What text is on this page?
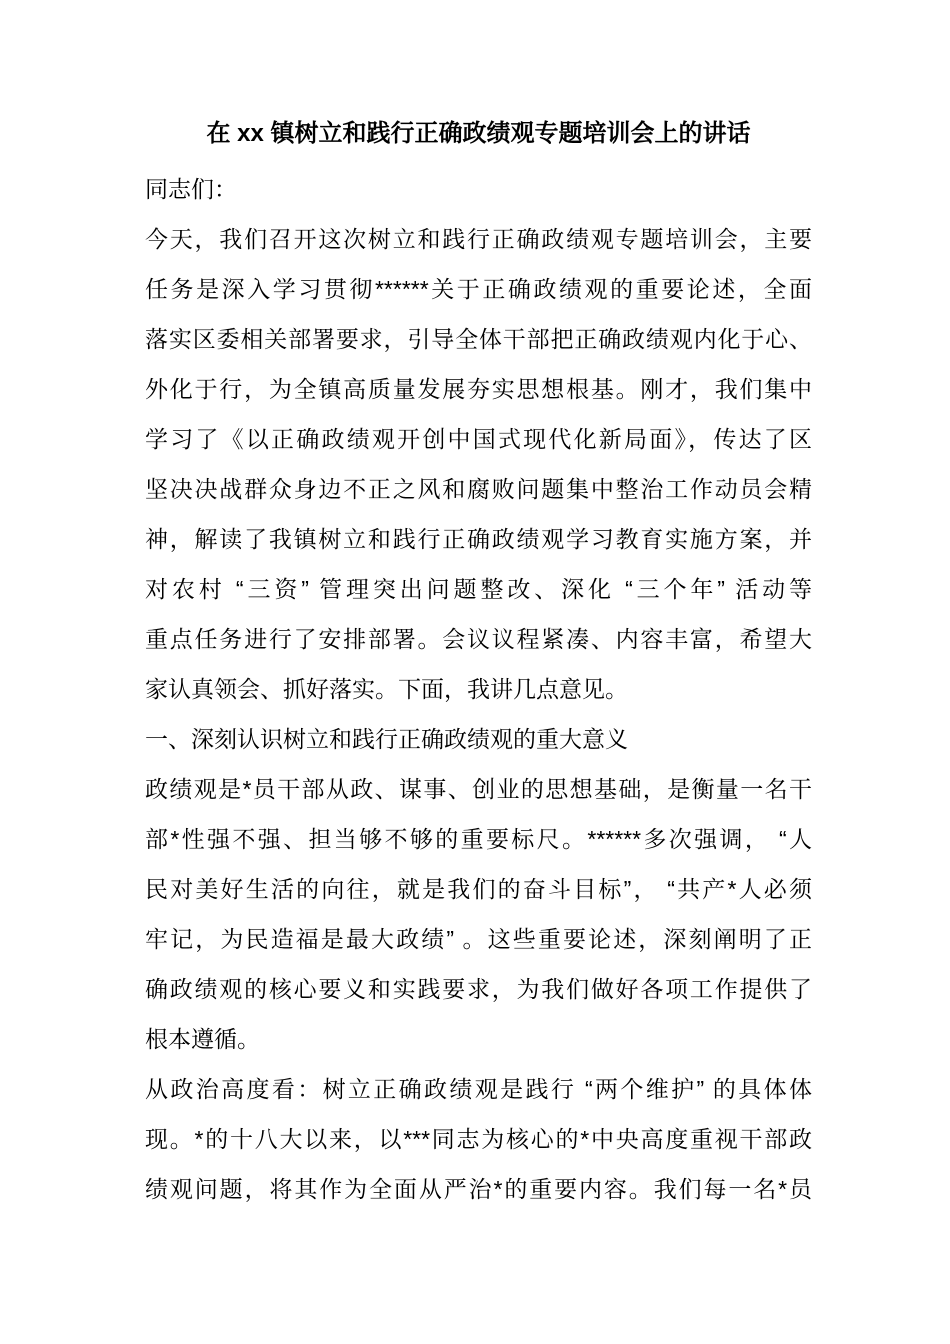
在 xx 镇树立和践行正确政绩观专题培训会上的讲话
同志们：
今天，我们召开这次树立和践行正确政绩观专题培训会，主要
任务是深入学习贯彻******关于正确政绩观的重要论述，全面
落实区委相关部署要求，引导全体干部把正确政绩观内化于心、
外化于行，为全镇高质量发展夯实思想根基。刚才，我们集中
学习了《以正确政绩观开创中国式现代化新局面》，传达了区
坚决决战群众身边不正之风和腐败问题集中整治工作动员会精
神，解读了我镇树立和践行正确政绩观学习教育实施方案，并
对农村 “三资” 管理突出问题整改、深化 “三个年” 活动等
重点任务进行了安排部署。会议议程紧凑、内容丰富，希望大
家认真领会、抓好落实。下面，我讲几点意见。
一、深刻认识树立和践行正确政绩观的重大意义
政绩观是*员干部从政、谋事、创业的思想基础，是衡量一名干
部*性强不强、担当够不够的重要标尺。******多次强调， “人
民对美好生活的向往，就是我们的奋斗目标”， “共产*人必须
牢记，为民造福是最大政绩” 。这些重要论述，深刻阐明了正
确政绩观的核心要义和实践要求，为我们做好各项工作提供了
根本遵循。
从政治高度看：树立正确政绩观是践行 “两个维护” 的具体体
现。*的十八大以来，以***同志为核心的*中央高度重视干部政
绩观问题，将其作为全面从严治*的重要内容。我们每一名*员
